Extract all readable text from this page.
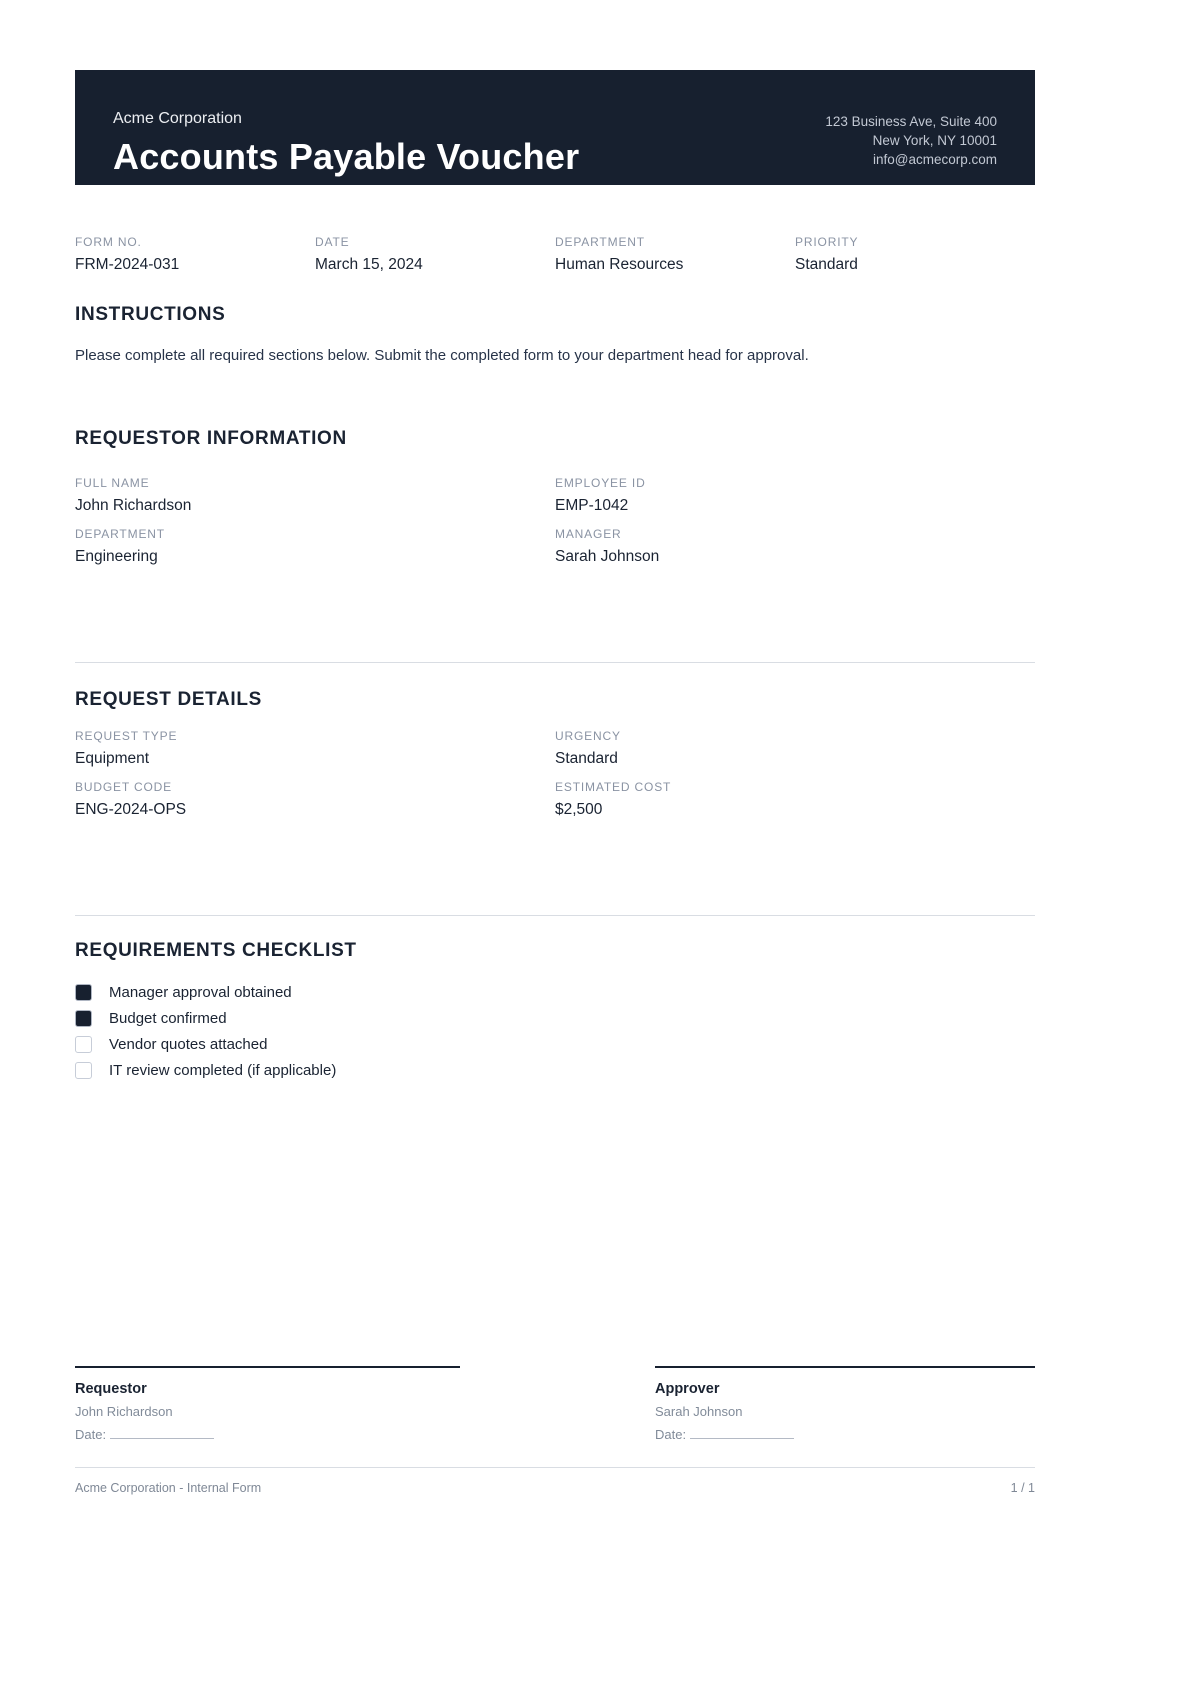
Acme Corporation
Accounts Payable Voucher
123 Business Ave, Suite 400
New York, NY 10001
info@acmecorp.com
FORM NO.
FRM-2024-031
DATE
March 15, 2024
DEPARTMENT
Human Resources
PRIORITY
Standard
INSTRUCTIONS

Please complete all required sections below. Submit the completed form to your department head for approval.

REQUESTOR INFORMATION
FULL NAME
John Richardson
EMPLOYEE ID
EMP-1042
DEPARTMENT
Engineering
MANAGER
Sarah Johnson
REQUEST DETAILS
REQUEST TYPE
Equipment
URGENCY
Standard
BUDGET CODE
ENG-2024-OPS
ESTIMATED COST
$2,500
REQUIREMENTS CHECKLIST
Manager approval obtained
Budget confirmed
Vendor quotes attached
IT review completed (if applicable)
Requestor
John Richardson
Date:
Approver
Sarah Johnson
Date:
Acme Corporation - Internal Form	1 / 1
